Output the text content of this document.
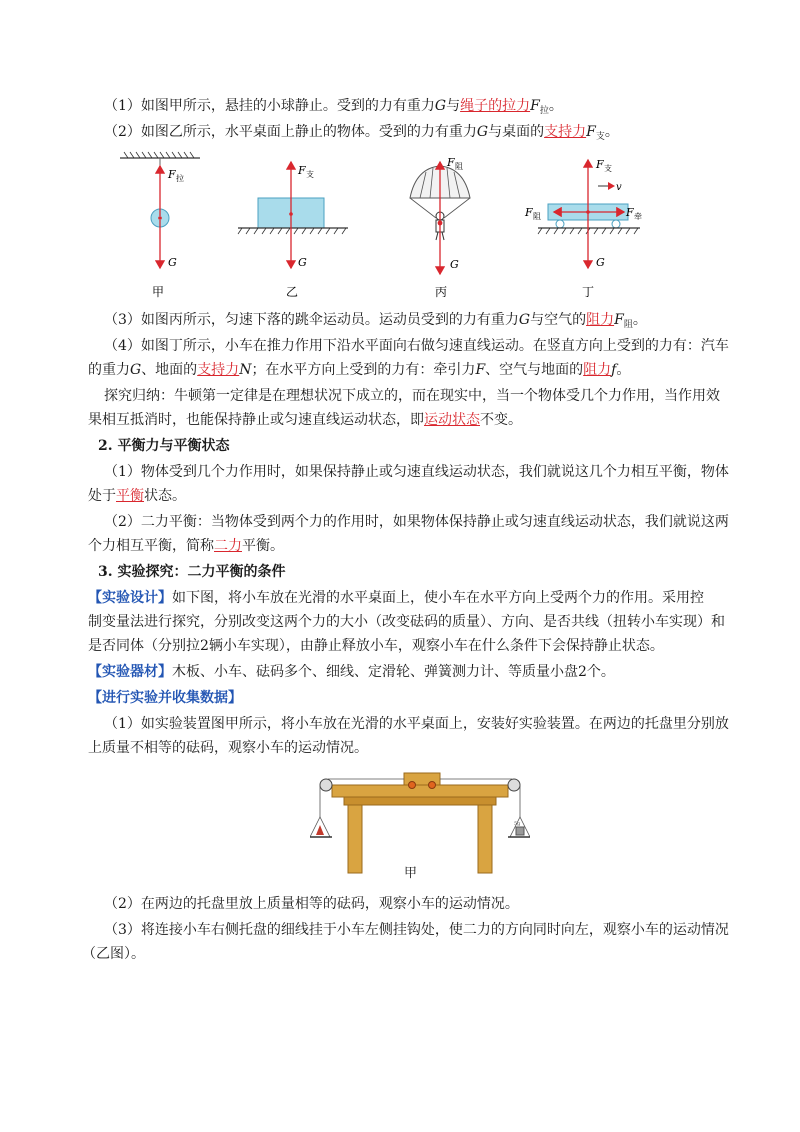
（1）如图甲所示，悬挂的小球静止。受到的力有重力G与绳子的拉力$F_拉$。
（2）如图乙所示，水平桌面上静止的物体。受到的力有重力G与桌面的支持力$F_支$。
F 拉
G
甲
F 支
G
乙
F 阻
G
丙
v
F 支
F 阻	F 牵
G
丁
（3）如图丙所示，匀速下落的跳伞运动员。运动员受到的力有重力G与空气的阻力$F_阻$。
（4）如图丁所示，小车在推力作用下沿水平面向右做匀速直线运动。在竖直方向上受到的力有：汽车
的重力G、地面的支持力N；在水平方向上受到的力有：牵引力F、空气与地面的阻力f。
探究归纳：牛顿第一定律是在理想状况下成立的，而在现实中，当一个物体受几个力作用，当作用效
果相互抵消时，也能保持静止或匀速直线运动状态，即运动状态不变。
2. 平衡力与平衡状态
（1）物体受到几个力作用时，如果保持静止或匀速直线运动状态，我们就说这几个力相互平衡，物体
处于平衡状态。
（2）二力平衡：当物体受到两个力的作用时，如果物体保持静止或匀速直线运动状态，我们就说这两
个力相互平衡，简称二力平衡。
3. 实验探究：二力平衡的条件
【实验设计】如下图，将小车放在光滑的水平桌面上，使小车在水平方向上受两个力的作用。采用控
制变量法进行探究，分别改变这两个力的大小（改变砝码的质量）、方向、是否共线（扭转小车实现）和
是否同体（分别拉2辆小车实现），由静止释放小车，观察小车在什么条件下会保持静止状态。
【实验器材】木板、小车、砝码多个、细线、定滑轮、弹簧测力计、等质量小盘2个。
【进行实验并收集数据】
（1）如实验装置图甲所示，将小车放在光滑的水平桌面上，安装好实验装置。在两边的托盘里分别放
上质量不相等的砝码，观察小车的运动情况。
5g
甲
（2）在两边的托盘里放上质量相等的砝码，观察小车的运动情况。
（3）将连接小车右侧托盘的细线挂于小车左侧挂钩处，使二力的方向同时向左，观察小车的运动情况
（乙图）。
